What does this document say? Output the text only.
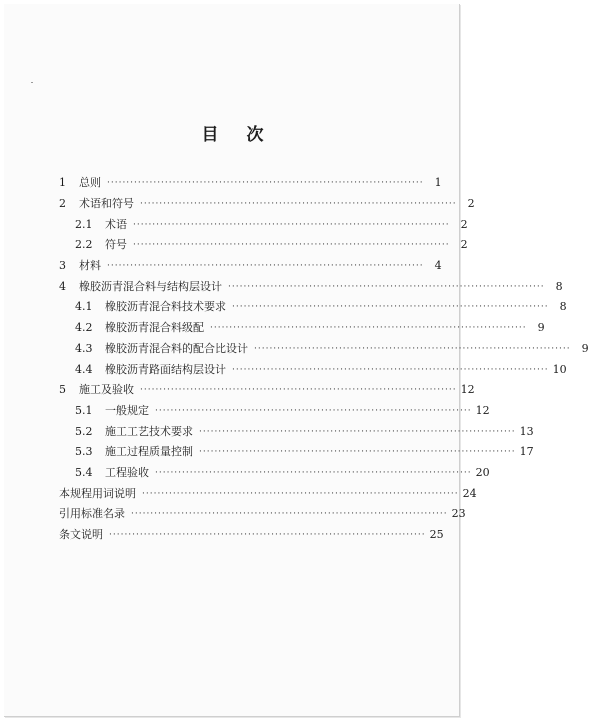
目 次
1	总则 ··················································································	1
2	术语和符号 ··················································································	2
2.1	术语 ··················································································	2
2.2	符号 ··················································································	2
3	材料 ··················································································	4
4	橡胶沥青混合料与结构层设计 ··················································································	8
4.1	橡胶沥青混合料技术要求 ··················································································	8
4.2	橡胶沥青混合料级配 ··················································································	9
4.3	橡胶沥青混合料的配合比设计 ··················································································	9
4.4	橡胶沥青路面结构层设计 ·················································································· 10
5	施工及验收 ·················································································· 12
5.1	一般规定 ·················································································· 12
5.2	施工工艺技术要求 ·················································································· 13
5.3	施工过程质量控制 ·················································································· 17
5.4	工程验收 ·················································································· 20
本规程用词说明 ·················································································· 24
引用标准名录 ·················································································· 23
条文说明 ·················································································· 25
